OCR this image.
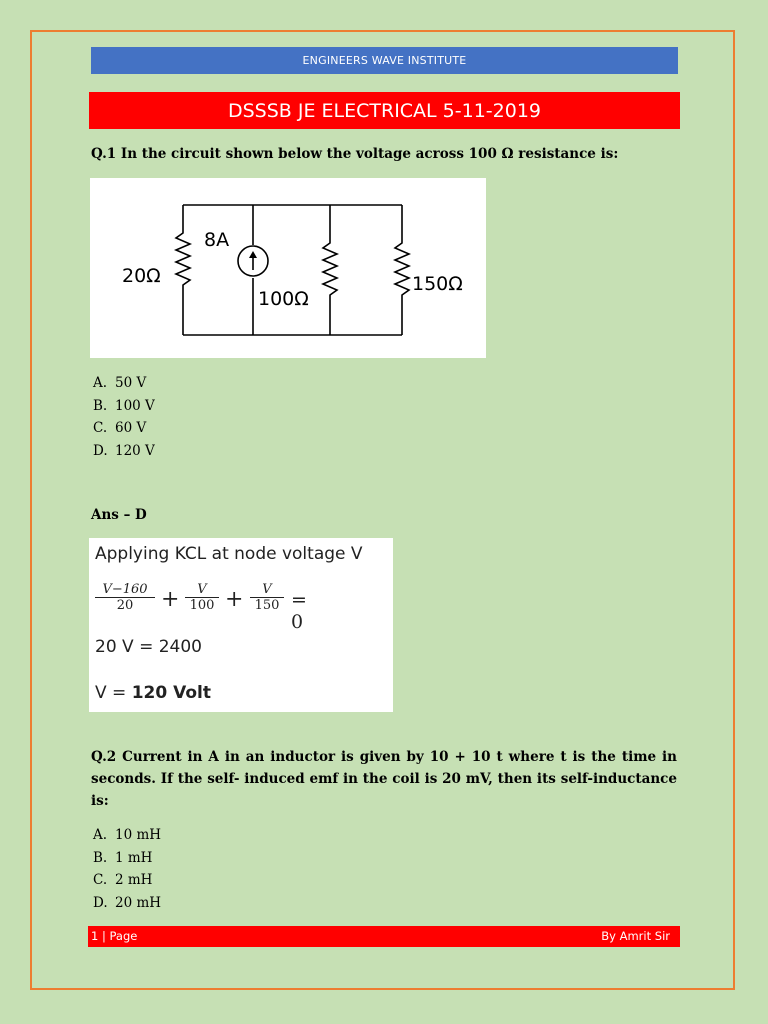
ENGINEERS WAVE INSTITUTE
DSSSB JE ELECTRICAL 5-11-2019
Q.1 In the circuit shown below the voltage across 100 Ω resistance is:
8A
20Ω
100Ω
150Ω
A. 50 V
B. 100 V
C. 60 V
D. 120 V
Ans – D
Applying KCL at node voltage V
$\frac{V-160}{20} + \frac{V}{100} + \frac{V}{150} = 0$
20 V = 2400
V = 120 Volt
Q.2 Current in A in an inductor is given by 10 + 10 t where t is the time in seconds. If the self- induced emf in the coil is 20 mV, then its self-inductance is:
A. 10 mH
B. 1 mH
C. 2 mH
D. 20 mH
1 | Page	By Amrit Sir
